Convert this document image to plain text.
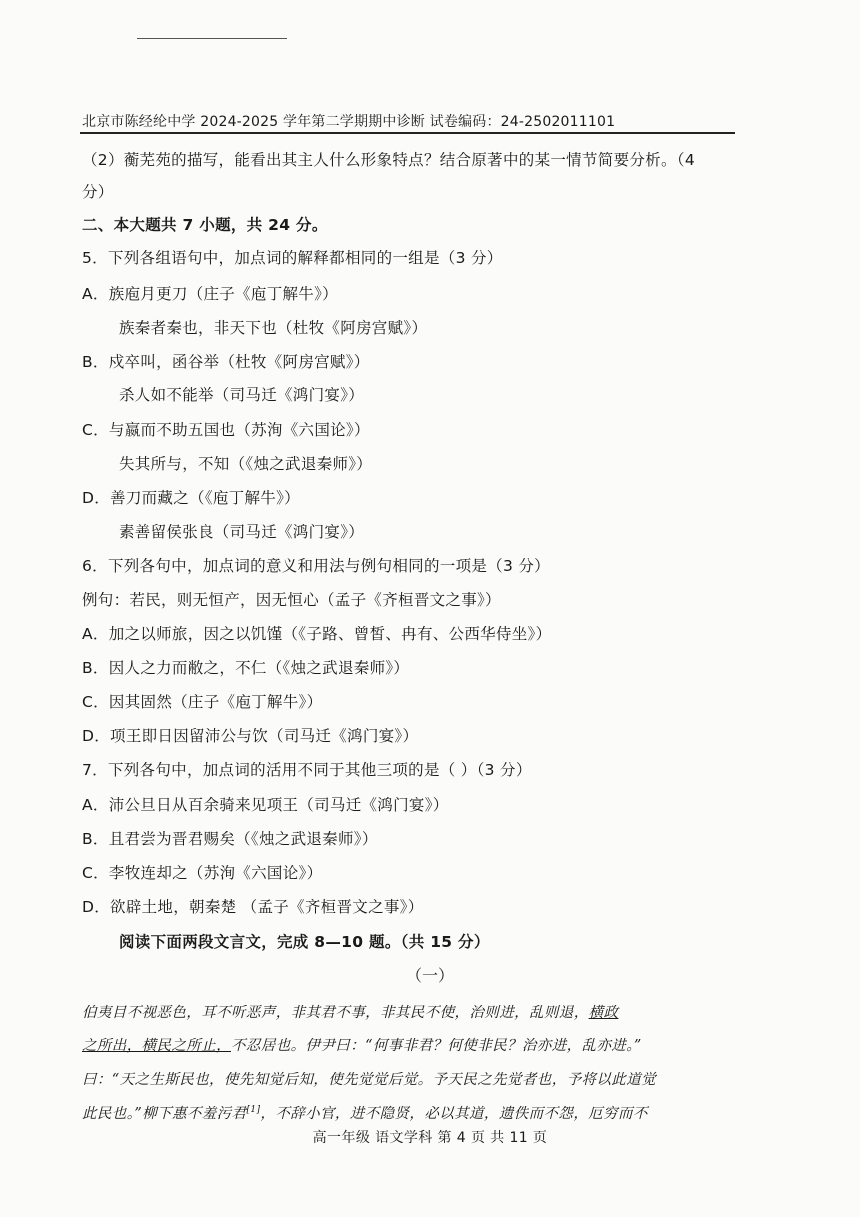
北京市陈经纶中学 2024-2025 学年第二学期期中诊断 试卷编码：24-2502011101
（2）蘅芜苑的描写，能看出其主人什么形象特点？结合原著中的某一情节简要分析。（4
分）
二、本大题共 7 小题，共 24 分。
5．下列各组语句中，加点词的解释都相同的一组是（3 分）
A．族庖月更刀（庄子《庖丁解牛》）
族秦者秦也，非天下也（杜牧《阿房宫赋》）
B．戍卒叫，函谷举（杜牧《阿房宫赋》）
杀人如不能举（司马迁《鸿门宴》）
C．与嬴而不助五国也（苏洵《六国论》）
失其所与，不知（《烛之武退秦师》）
D．善刀而藏之（《庖丁解牛》）
素善留侯张良（司马迁《鸿门宴》）
6．下列各句中，加点词的意义和用法与例句相同的一项是（3 分）
例句：若民，则无恒产，因无恒心（孟子《齐桓晋文之事》）
A．加之以师旅，因之以饥馑（《子路、曾皙、冉有、公西华侍坐》）
B．因人之力而敝之，不仁（《烛之武退秦师》）
C．因其固然（庄子《庖丁解牛》）
D．项王即日因留沛公与饮（司马迁《鸿门宴》）
7．下列各句中，加点词的活用不同于其他三项的是（ ）（3 分）
A．沛公旦日从百余骑来见项王（司马迁《鸿门宴》）
B．且君尝为晋君赐矣（《烛之武退秦师》）
C．李牧连却之（苏洵《六国论》）
D．欲辟土地，朝秦楚 （孟子《齐桓晋文之事》）
阅读下面两段文言文，完成 8—10 题。（共 15 分）
（一）
伯夷目不视恶色，耳不听恶声，非其君不事，非其民不使，治则进，乱则退，横政
之所出，横民之所止，不忍居也。伊尹曰：“何事非君？何使非民？治亦进，乱亦进。”
曰：“天之生斯民也，使先知觉后知，使先觉觉后觉。予天民之先觉者也，予将以此道觉
此民也。”柳下惠不羞污君[1]，不辞小官，进不隐贤，必以其道，遗佚而不怨，厄穷而不
高一年级 语文学科 第 4 页 共 11 页
